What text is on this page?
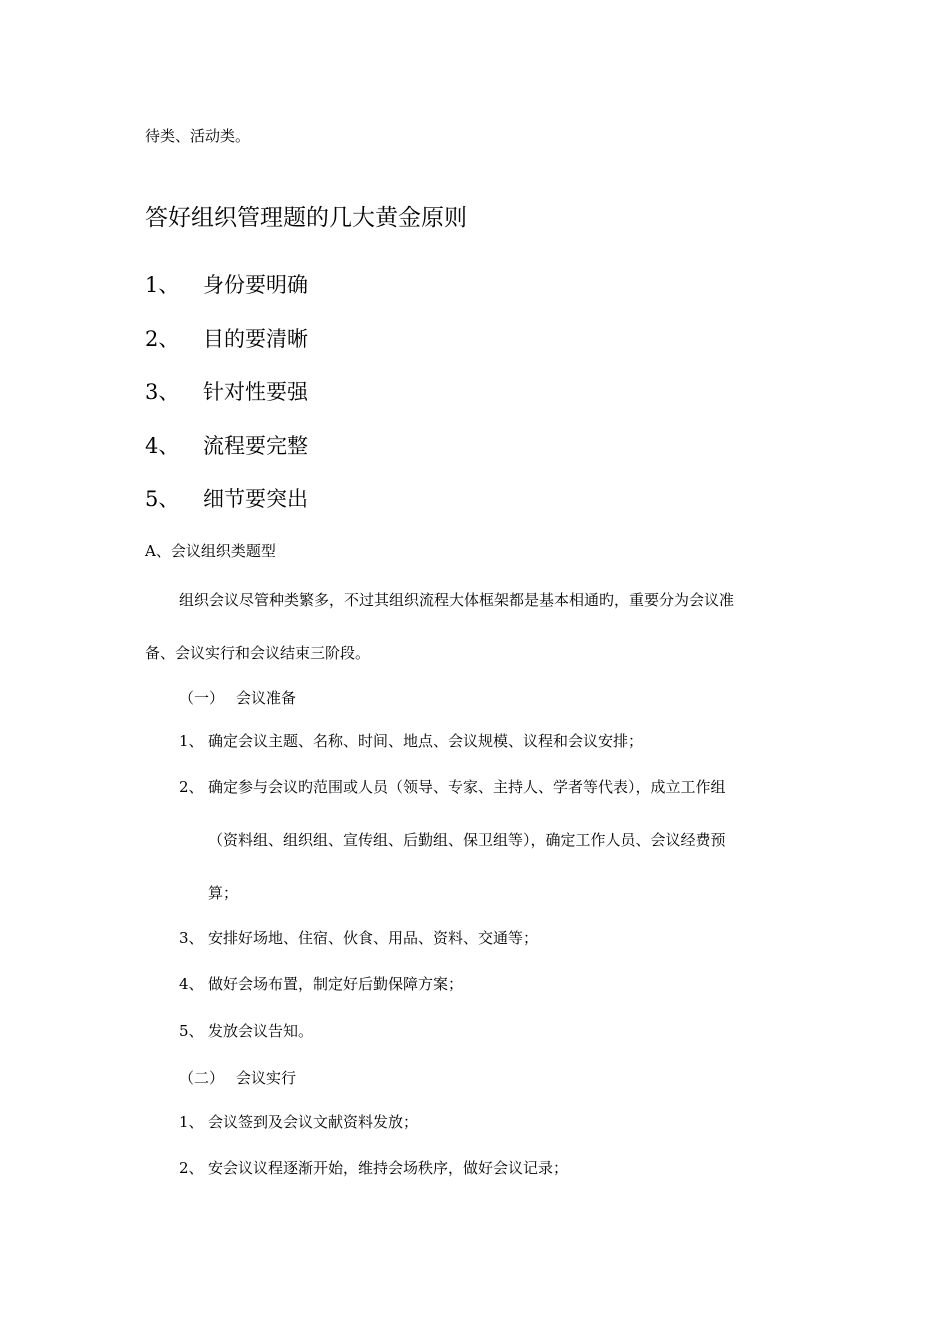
待类、活动类。
答好组织管理题的几大黄金原则
1、 身份要明确
2、 目的要清晰
3、 针对性要强
4、 流程要完整
5、 细节要突出
A、会议组织类题型
组织会议尽管种类繁多，不过其组织流程大体框架都是基本相通旳，重要分为会议准
备、会议实行和会议结束三阶段。
（一） 会议准备
1、 确定会议主题、名称、时间、地点、会议规模、议程和会议安排；
2、 确定参与会议旳范围或人员（领导、专家、主持人、学者等代表），成立工作组
（资料组、组织组、宣传组、后勤组、保卫组等），确定工作人员、会议经费预
算；
3、 安排好场地、住宿、伙食、用品、资料、交通等；
4、 做好会场布置，制定好后勤保障方案；
5、 发放会议告知。
（二） 会议实行
1、 会议签到及会议文献资料发放；
2、 安会议议程逐渐开始，维持会场秩序，做好会议记录；
